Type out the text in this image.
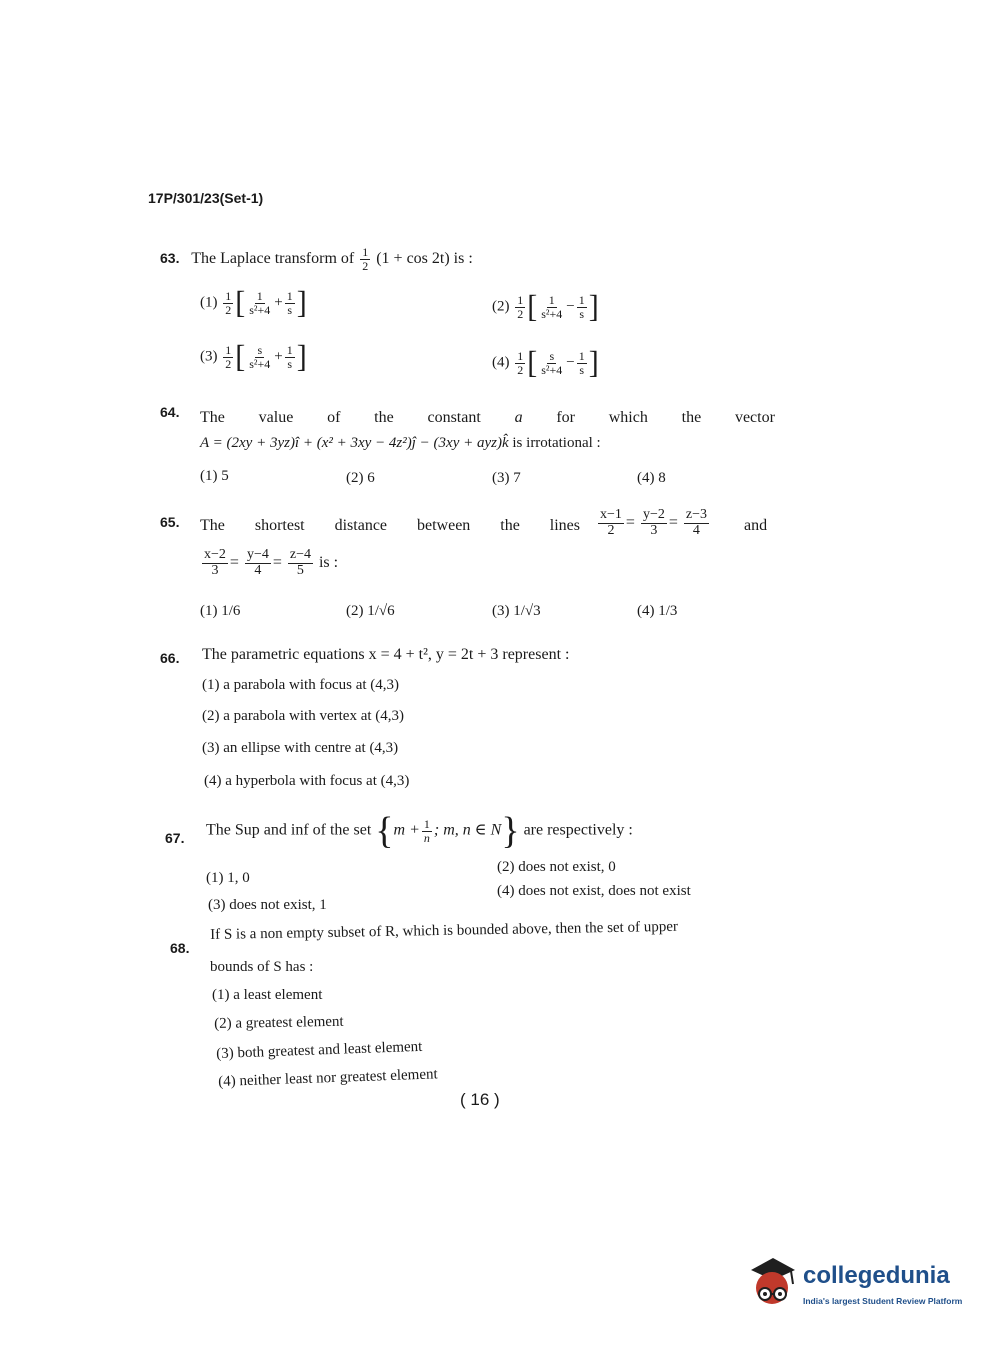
17P/301/23(Set-1)
63. The Laplace transform of $\frac{1}{2} (1 + \cos 2t)$ is :
$(1) \frac{1}{2}$ [ $\frac{1}{\text{s²+4}} + \frac{1}{s}$ ]	$(2) \frac{1}{2}$ [ $\frac{1}{\text{s²+4}} - \frac{1}{s}$ ]
$(3) \frac{1}{2}$ [ $\frac{s}{\text{s²+4}} + \frac{1}{s}$ ]	$(4) \frac{1}{2}$ [ $\frac{s}{\text{s²+4}} - \frac{1}{s}$ ]
64. The value of the constant a for which the vector
A = (2xy + 3yz)î + (x² + 3xy − 4z²)ĵ − (3xy + ayz)k̂ is irrotational :
(1) 5	(2) 6	(3) 7	(4) 8
65. The shortest distance between the lines $\frac{x-1}{2} = \frac{y-2}{3} = \frac{z-3}{4}$ and
$\frac{x-2}{3} = \frac{y-4}{4} = \frac{z-4}{5}$ is :
(1) 1/6	(2) 1/√6	(3) 1/√3	(4) 1/3
66. The parametric equations x = 4 + t², y = 2t + 3 represent :
(1) a parabola with focus at (4,3)
(2) a parabola with vertex at (4,3)
(3) an ellipse with centre at (4,3)
(4) a hyperbola with focus at (4,3)
67. The Sup and inf of the set {$m + \frac{1}{n}$ ; m, n ∈ N} are respectively :
(1) 1, 0
(2) does not exist, 0
(3) does not exist, 1
(4) does not exist, does not exist
68.
If S is a non empty subset of R, which is bounded above, then the set of upper
bounds of S has :
(1) a least element
(2) a greatest element
(3) both greatest and least element
(4) neither least nor greatest element
( 16 )
collegedunia
India's largest Student Review Platform
